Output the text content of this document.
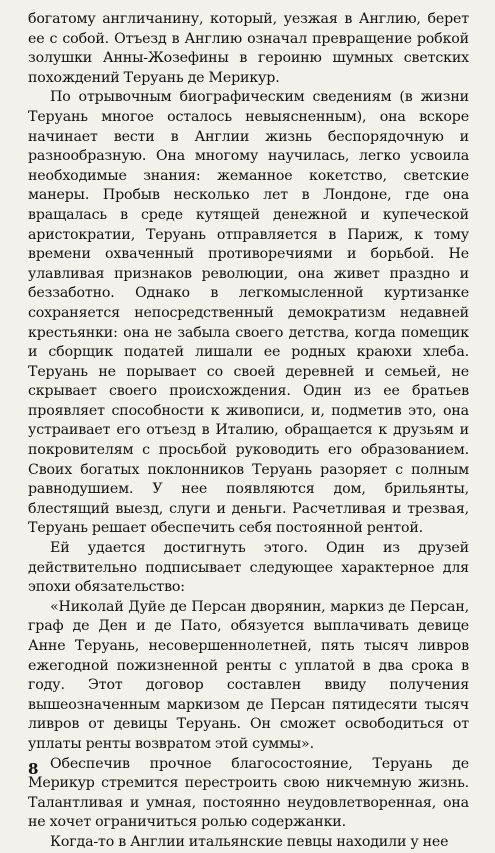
богатому англичанину, который, уезжая в Англию, берет ее с собой. Отъезд в Англию означал превращение робкой золушки Анны-Жозефины в героиню шумных светских похождений Теруань де Мерикур.

По отрывочным биографическим сведениям (в жизни Теруань многое осталось невыясненным), она вскоре начинает вести в Англии жизнь беспорядочную и разнообразную. Она многому научилась, легко усвоила необходимые знания: жеманное кокетство, светские манеры. Пробыв несколько лет в Лондоне, где она вращалась в среде кутящей денежной и купеческой аристократии, Теруань отправляется в Париж, к тому времени охваченный противоречиями и борьбой. Не улавливая признаков революции, она живет праздно и беззаботно. Однако в легкомысленной куртизанке сохраняется непосредственный демократизм недавней крестьянки: она не забыла своего детства, когда помещик и сборщик податей лишали ее родных краюхи хлеба. Теруань не порывает со своей деревней и семьей, не скрывает своего происхождения. Один из ее братьев проявляет способности к живописи, и, подметив это, она устраивает его отъезд в Италию, обращается к друзьям и покровителям с просьбой руководить его образованием. Своих богатых поклонников Теруань разоряет с полным равнодушием. У нее появляются дом, брильянты, блестящий выезд, слуги и деньги. Расчетливая и трезвая, Теруань решает обеспечить себя постоянной рентой.

Ей удается достигнуть этого. Один из друзей действительно подписывает следующее характерное для эпохи обязательство:

«Николай Дуйе де Персан дворянин, маркиз де Персан, граф де Ден и де Пато, обязуется выплачивать девице Анне Теруань, несовершеннолетней, пять тысяч ливров ежегодной пожизненной ренты с уплатой в два срока в году. Этот договор составлен ввиду получения вышеозначенным маркизом де Персан пятидесяти тысяч ливров от девицы Теруань. Он сможет освободиться от уплаты ренты возвратом этой суммы».

Обеспечив прочное благосостояние, Теруань де Мерикур стремится перестроить свою никчемную жизнь. Талантливая и умная, постоянно неудовлетворенная, она не хочет ограничиться ролью содержанки.

Когда-то в Англии итальянские певцы находили у нее

8
